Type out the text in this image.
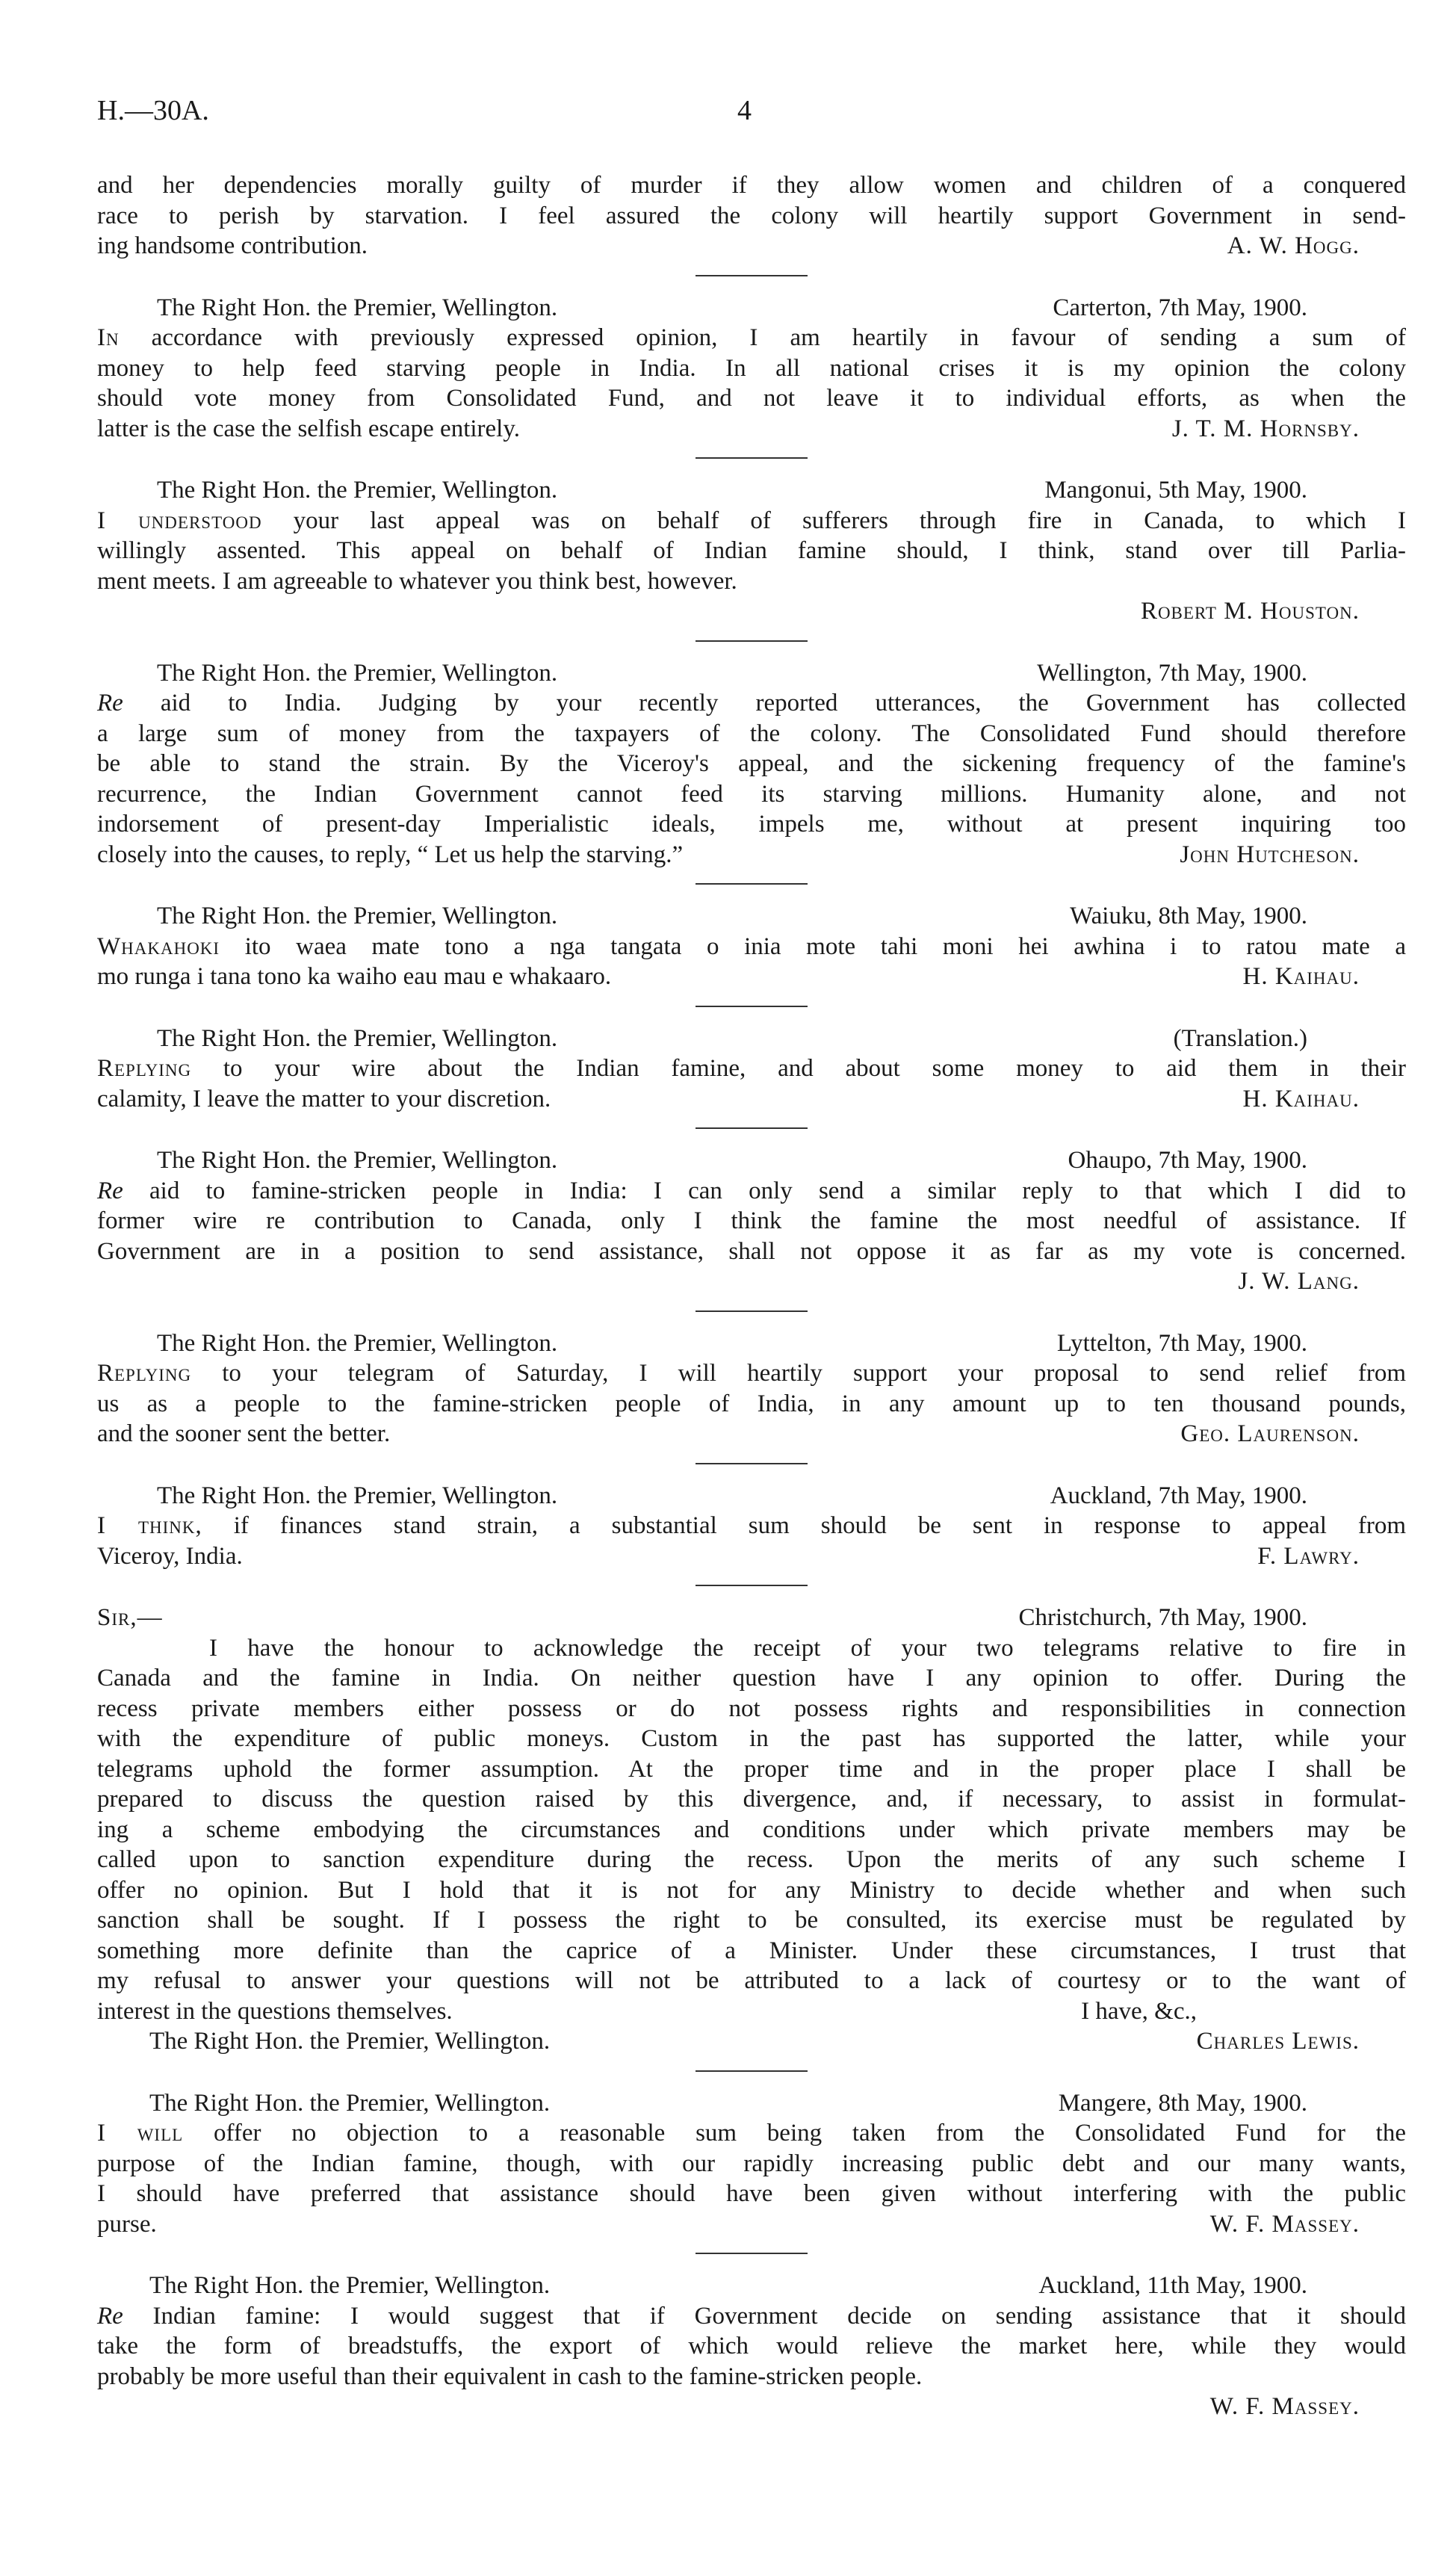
H.—30A.	4
and her dependencies morally guilty of murder if they allow women and children of a conquered
race to perish by starvation. I feel assured the colony will heartily support Government in send-
ing handsome contribution.	A. W. Hogg.
The Right Hon. the Premier, Wellington.	Carterton, 7th May, 1900.
In accordance with previously expressed opinion, I am heartily in favour of sending a sum of
money to help feed starving people in India. In all national crises it is my opinion the colony
should vote money from Consolidated Fund, and not leave it to individual efforts, as when the
latter is the case the selfish escape entirely.	J. T. M. Hornsby.
The Right Hon. the Premier, Wellington.	Mangonui, 5th May, 1900.
I understood your last appeal was on behalf of sufferers through fire in Canada, to which I
willingly assented. This appeal on behalf of Indian famine should, I think, stand over till Parlia-
ment meets. I am agreeable to whatever you think best, however.
Robert M. Houston.
The Right Hon. the Premier, Wellington.	Wellington, 7th May, 1900.
Re aid to India. Judging by your recently reported utterances, the Government has collected
a large sum of money from the taxpayers of the colony. The Consolidated Fund should therefore
be able to stand the strain. By the Viceroy's appeal, and the sickening frequency of the famine's
recurrence, the Indian Government cannot feed its starving millions. Humanity alone, and not
indorsement of present-day Imperialistic ideals, impels me, without at present inquiring too
closely into the causes, to reply, “ Let us help the starving.”	John Hutcheson.
The Right Hon. the Premier, Wellington.	Waiuku, 8th May, 1900.
Whakahoki ito waea mate tono a nga tangata o inia mote tahi moni hei awhina i to ratou mate a
mo runga i tana tono ka waiho eau mau e whakaaro.	H. Kaihau.
The Right Hon. the Premier, Wellington.	(Translation.)
Replying to your wire about the Indian famine, and about some money to aid them in their
calamity, I leave the matter to your discretion.	H. Kaihau.
The Right Hon. the Premier, Wellington.	Ohaupo, 7th May, 1900.
Re aid to famine-stricken people in India: I can only send a similar reply to that which I did to
former wire re contribution to Canada, only I think the famine the most needful of assistance. If
Government are in a position to send assistance, shall not oppose it as far as my vote is concerned.
J. W. Lang.
The Right Hon. the Premier, Wellington.	Lyttelton, 7th May, 1900.
Replying to your telegram of Saturday, I will heartily support your proposal to send relief from
us as a people to the famine-stricken people of India, in any amount up to ten thousand pounds,
and the sooner sent the better.	Geo. Laurenson.
The Right Hon. the Premier, Wellington.	Auckland, 7th May, 1900.
I think, if finances stand strain, a substantial sum should be sent in response to appeal from
Viceroy, India.	F. Lawry.
Sir,—	Christchurch, 7th May, 1900.
I have the honour to acknowledge the receipt of your two telegrams relative to fire in
Canada and the famine in India. On neither question have I any opinion to offer. During the
recess private members either possess or do not possess rights and responsibilities in connection
with the expenditure of public moneys. Custom in the past has supported the latter, while your
telegrams uphold the former assumption. At the proper time and in the proper place I shall be
prepared to discuss the question raised by this divergence, and, if necessary, to assist in formulat-
ing a scheme embodying the circumstances and conditions under which private members may be
called upon to sanction expenditure during the recess. Upon the merits of any such scheme I
offer no opinion. But I hold that it is not for any Ministry to decide whether and when such
sanction shall be sought. If I possess the right to be consulted, its exercise must be regulated by
something more definite than the caprice of a Minister. Under these circumstances, I trust that
my refusal to answer your questions will not be attributed to a lack of courtesy or to the want of
interest in the questions themselves.	I have, &c.,
The Right Hon. the Premier, Wellington.	Charles Lewis.
The Right Hon. the Premier, Wellington.	Mangere, 8th May, 1900.
I will offer no objection to a reasonable sum being taken from the Consolidated Fund for the
purpose of the Indian famine, though, with our rapidly increasing public debt and our many wants,
I should have preferred that assistance should have been given without interfering with the public
purse.	W. F. Massey.
The Right Hon. the Premier, Wellington.	Auckland, 11th May, 1900.
Re Indian famine: I would suggest that if Government decide on sending assistance that it should
take the form of breadstuffs, the export of which would relieve the market here, while they would
probably be more useful than their equivalent in cash to the famine-stricken people.
W. F. Massey.
